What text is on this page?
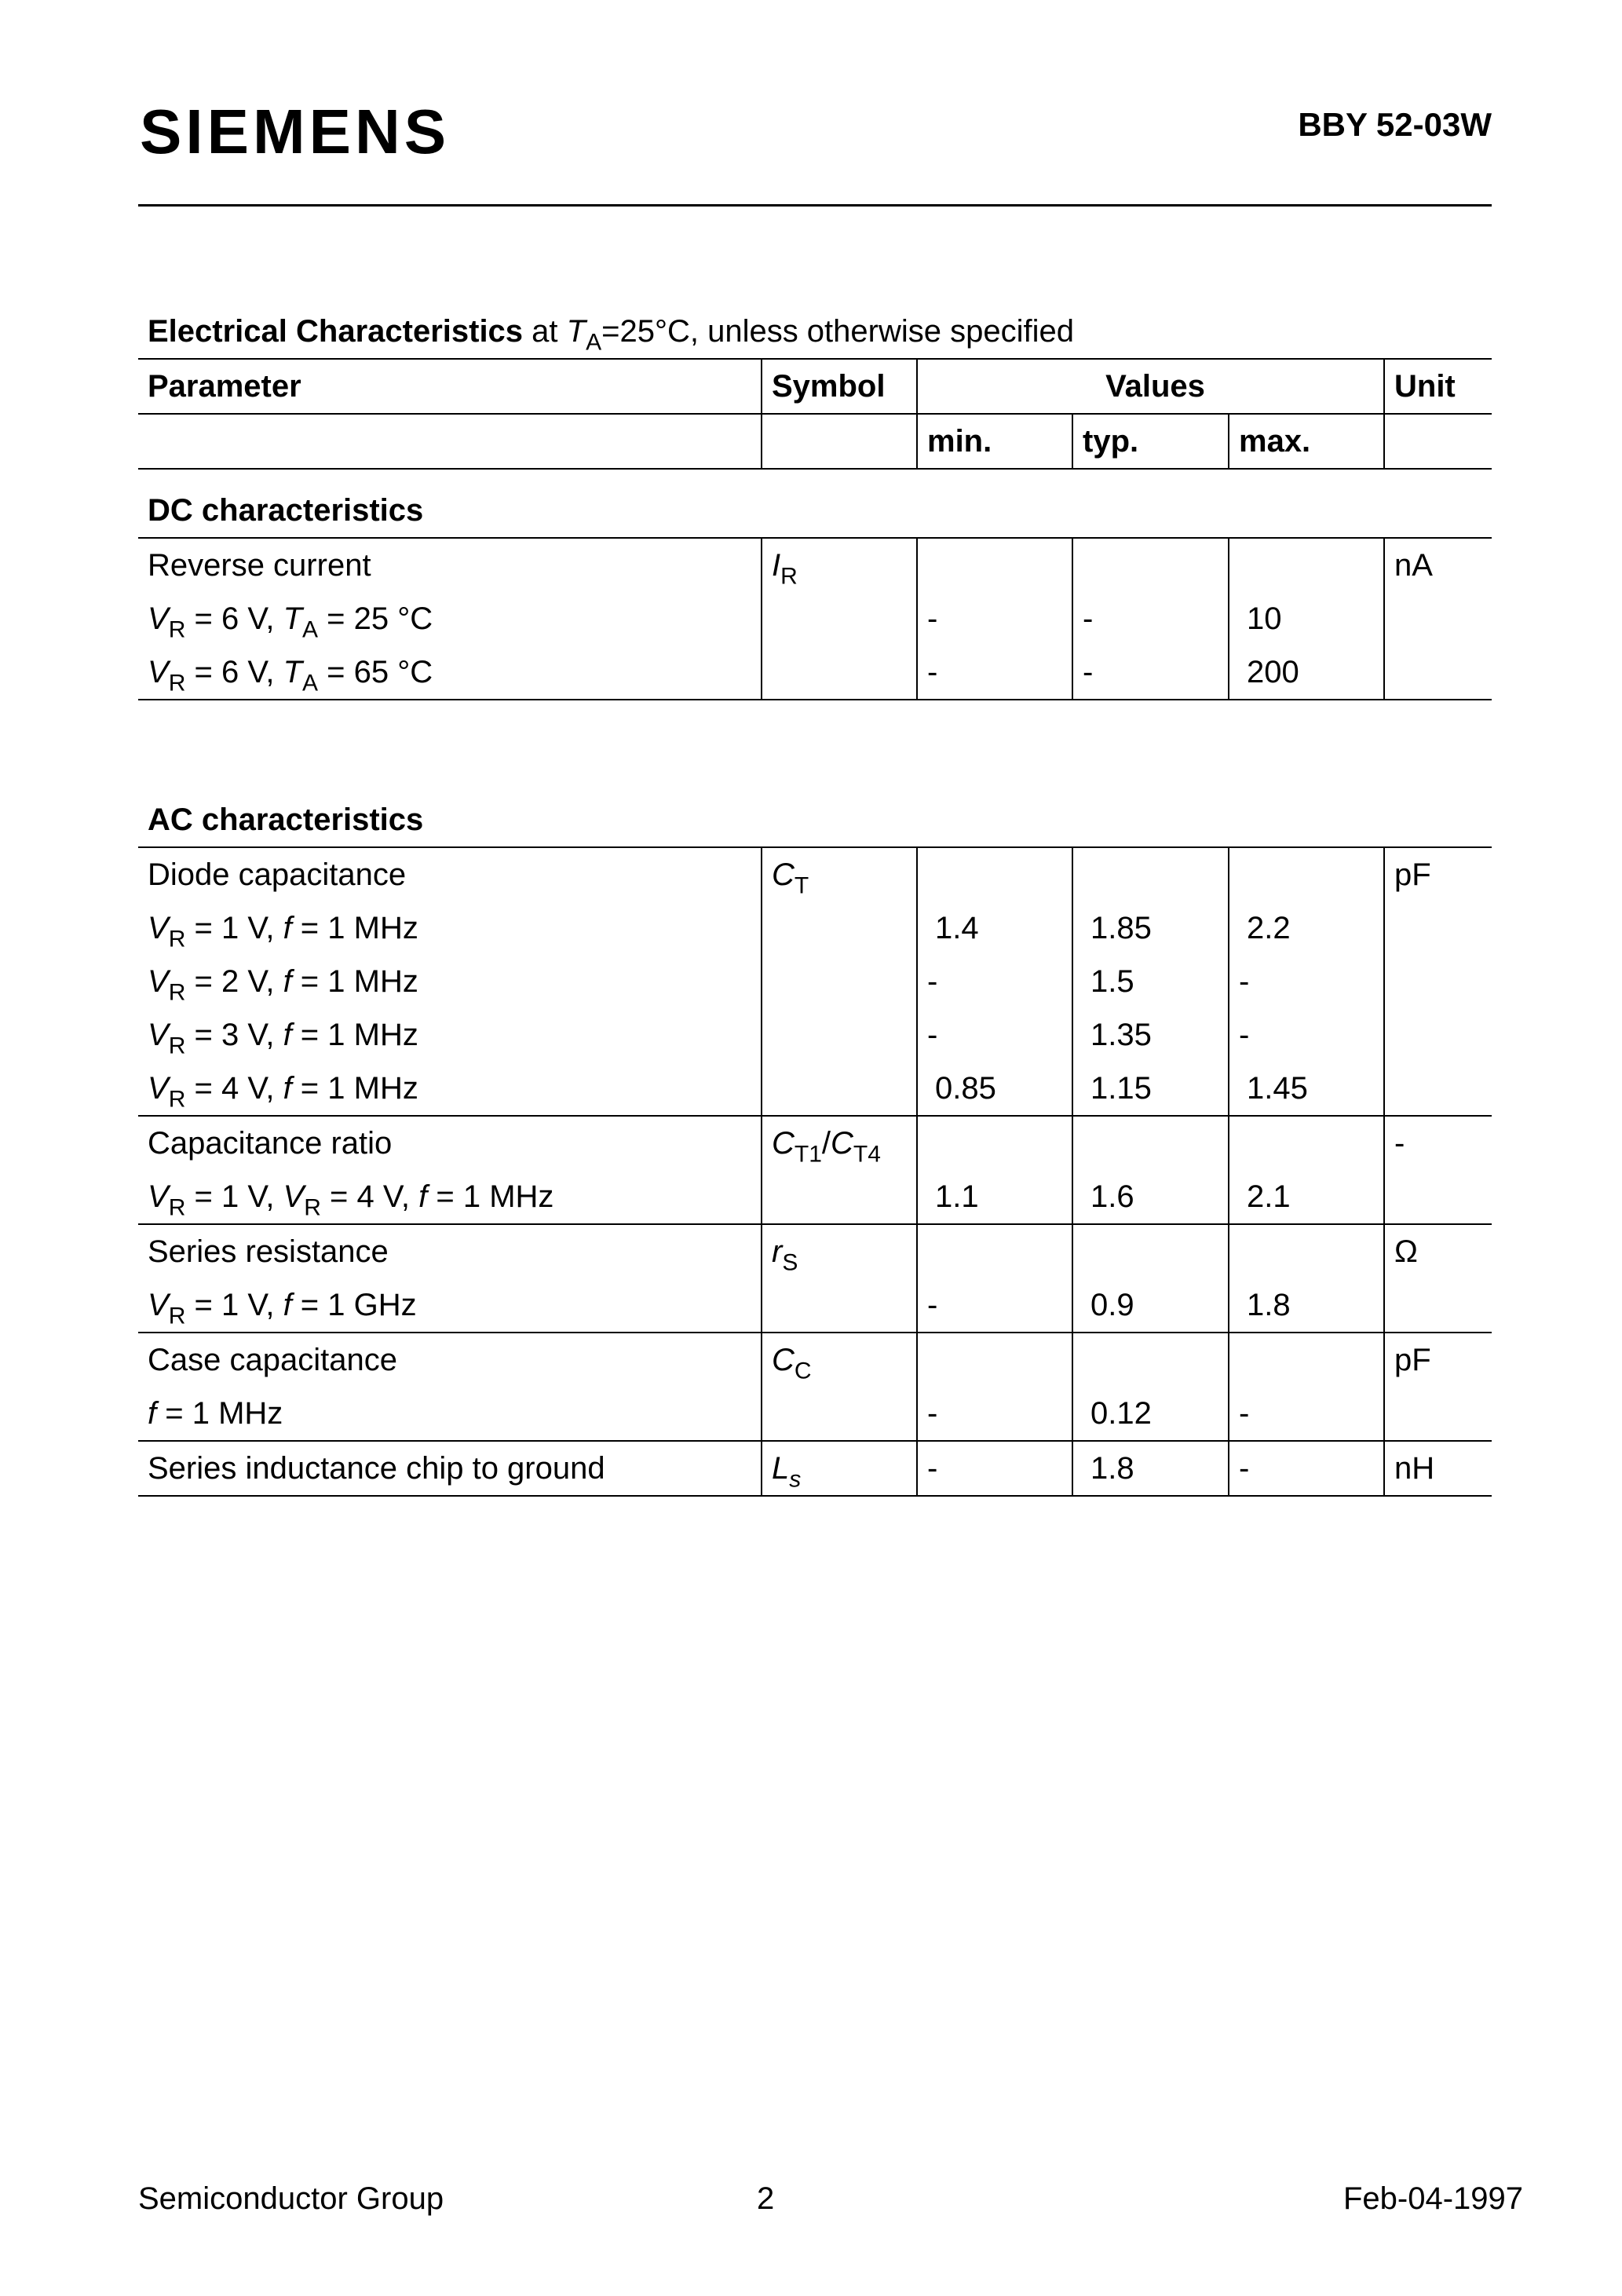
SIEMENS	BBY 52-03W
Electrical Characteristics at $T_A=25^\circ C$, unless otherwise specified
Parameter	Symbol	Values			Unit
		min.	typ.	max.	
DC characteristics					
Reverse current	$I_R$				nA
$V_R = 6$ V, $T_A = 25$ °C		-	-	10	
$V_R = 6$ V, $T_A = 65$ °C		-	-	200	
AC characteristics					
Diode capacitance	$C_T$				pF
$V_R = 1$ V, f = 1 MHz		1.4	1.85	2.2	
$V_R = 2$ V, f = 1 MHz		-	1.5	-	
$V_R = 3$ V, f = 1 MHz		-	1.35	-	
$V_R = 4$ V, f = 1 MHz		0.85	1.15	1.45	
Capacitance ratio	$C_{T1}/C_{T4}$				-
$V_R = 1$ V, $V_R = 4$ V, f = 1 MHz		1.1	1.6	2.1	
Series resistance	$r_S$				Ω
$V_R = 1$ V, f = 1 GHz		-	0.9	1.8	
Case capacitance	$C_C$				pF
f = 1 MHz		-	0.12	-	
Series inductance chip to ground	$L_s$	-	1.8	-	nH
Semiconductor Group	2	Feb-04-1997
